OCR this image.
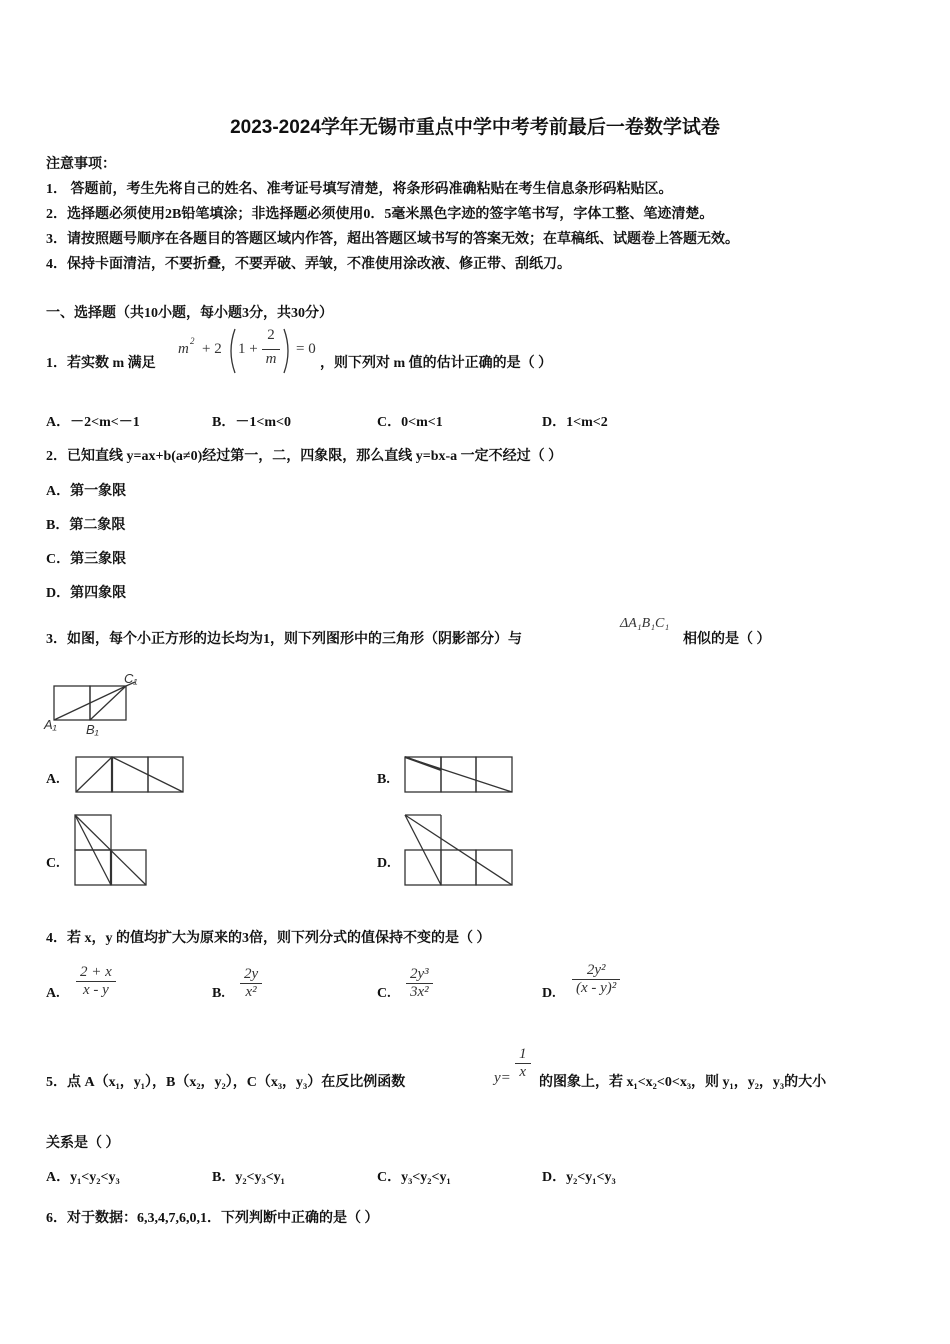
2023-2024学年无锡市重点中学中考考前最后一卷数学试卷
注意事项：
1． 答题前，考生先将自己的姓名、准考证号填写清楚，将条形码准确粘贴在考生信息条形码粘贴区。
2．选择题必须使用2B铅笔填涂；非选择题必须使用0．5毫米黑色字迹的签字笔书写，字体工整、笔迹清楚。
3．请按照题号顺序在各题目的答题区域内作答，超出答题区域书写的答案无效；在草稿纸、试题卷上答题无效。
4．保持卡面清洁，不要折叠，不要弄破、弄皱，不准使用涂改液、修正带、刮纸刀。
一、选择题（共10小题，每小题3分，共30分）
1．若实数 m 满足
m 2 + 2 1 +
2
m
= 0
，则下列对 m 值的估计正确的是（ ）
A．－2<m<－1	B．－1<m<0	C．0<m<1	D．1<m<2
2．已知直线 y=ax+b(a≠0)经过第一，二，四象限，那么直线 y=bx-a 一定不经过（ ）
A．第一象限
B．第二象限
C．第三象限
D．第四象限
3．如图，每个小正方形的边长均为1，则下列图形中的三角形（阴影部分）与
ΔA₁B₁C₁
相似的是（ ）
C₁
A₁ B₁
A.	B.
C.	D.
4．若 x，y 的值均扩大为原来的3倍，则下列分式的值保持不变的是（ ）
A. $\frac{2 + x}{x - y}$	B. $\frac{2y}{\text{x²}}$	C. $\frac{\text{2y³}}{\text{3x²}}$	D. $\frac{\text{2y²}}{\text{(x - y)²}}$
5．点 A（x₁，y₁），B（x₂，y₂），C（x₃，y₃）在反比例函数	$y= \frac{1}{x}$
的图象上，若 x₁<x₂<0<x₃，则 y₁，y₂，y₃的大小
关系是（ ）
A．y₁<y₂<y₃	B．y₂<y₃<y₁	C．y₃<y₂<y₁	D．y₂<y₁<y₃
6．对于数据：6,3,4,7,6,0,1．下列判断中正确的是（ ）
